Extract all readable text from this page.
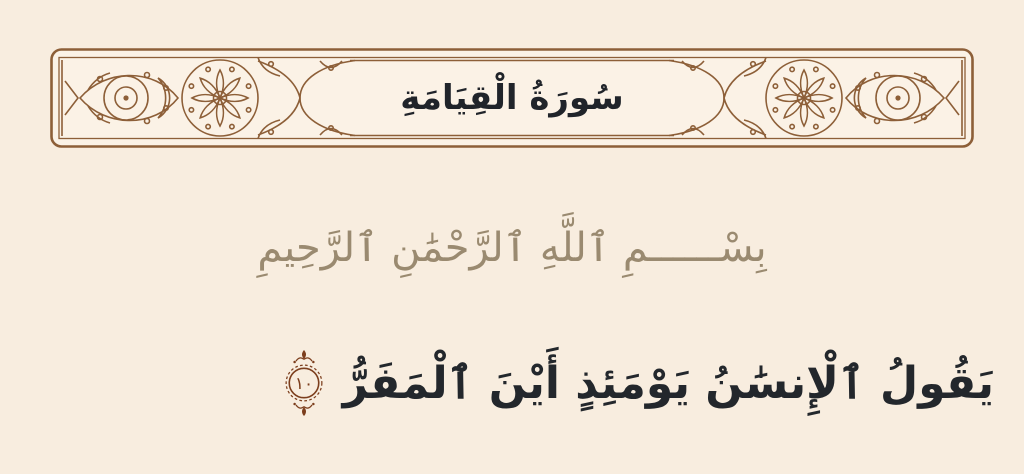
سُورَةُ الْقِيَامَةِ
بِسْــــــمِ ٱللَّهِ ٱلرَّحْمَٰنِ ٱلرَّحِيمِ
يَقُولُ ٱلْإِنسَٰنُ يَوْمَئِذٍ أَيْنَ ٱلْمَفَرُّ
١٠
